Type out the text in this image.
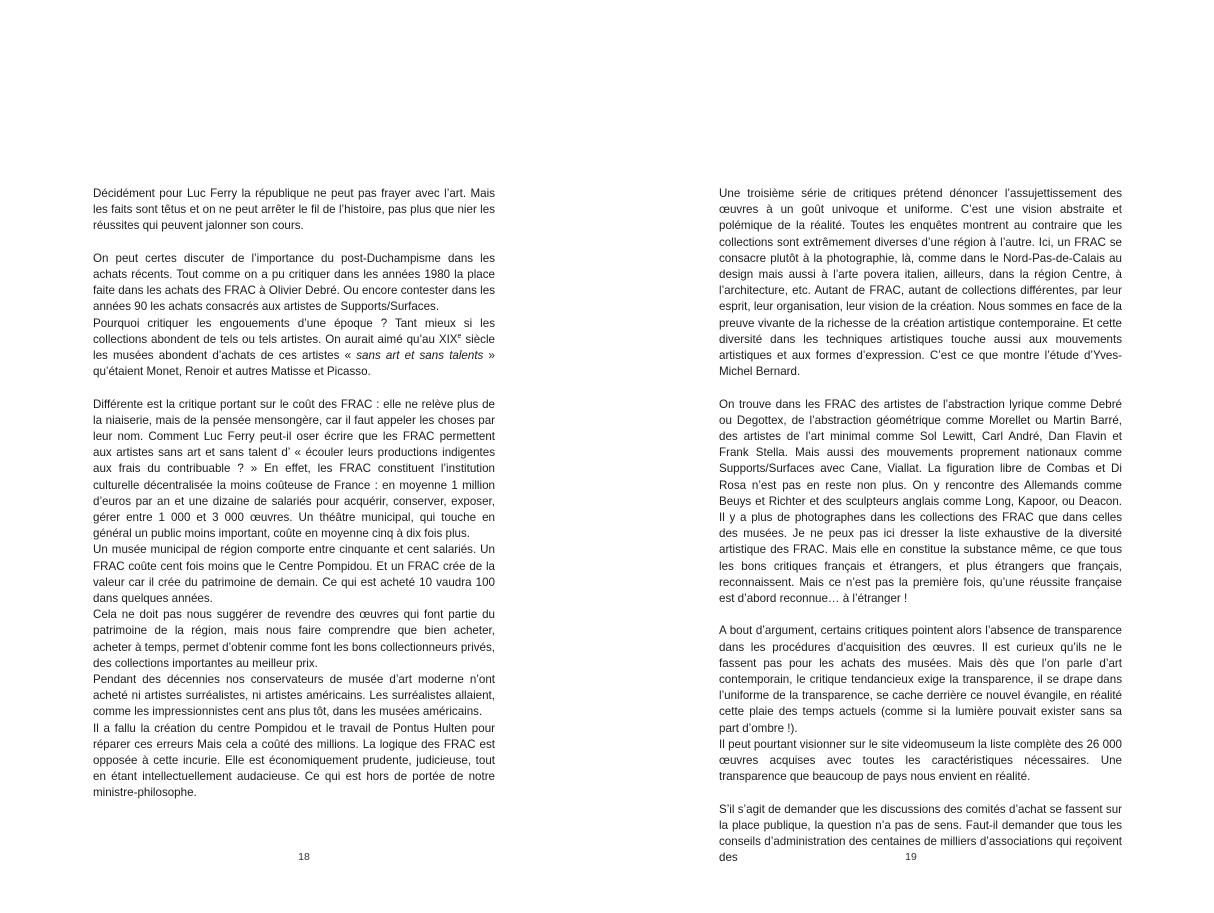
Décidément pour Luc Ferry la république ne peut pas frayer avec l’art. Mais les faits sont têtus et on ne peut arrêter le fil de l’histoire, pas plus que nier les réussites qui peuvent jalonner son cours.

On peut certes discuter de l’importance du post-Duchampisme dans les achats récents. Tout comme on a pu critiquer dans les années 1980 la place faite dans les achats des FRAC à Olivier Debré. Ou encore contester dans les années 90 les achats consacrés aux artistes de Supports/Surfaces.

Pourquoi critiquer les engouements d’une époque ? Tant mieux si les collections abondent de tels ou tels artistes. On aurait aimé qu’au XIXe siècle les musées abondent d’achats de ces artistes « sans art et sans talents » qu’étaient Monet, Renoir et autres Matisse et Picasso.

Différente est la critique portant sur le coût des FRAC : elle ne relève plus de la niaiserie, mais de la pensée mensongère, car il faut appeler les choses par leur nom. Comment Luc Ferry peut-il oser écrire que les FRAC permettent aux artistes sans art et sans talent d’ « écouler leurs productions indigentes aux frais du contribuable ? » En effet, les FRAC constituent l’institution culturelle décentralisée la moins coûteuse de France : en moyenne 1 million d’euros par an et une dizaine de salariés pour acquérir, conserver, exposer, gérer entre 1 000 et 3 000 œuvres. Un théâtre municipal, qui touche en général un public moins important, coûte en moyenne cinq à dix fois plus.

Un musée municipal de région comporte entre cinquante et cent salariés. Un FRAC coûte cent fois moins que le Centre Pompidou. Et un FRAC crée de la valeur car il crée du patrimoine de demain. Ce qui est acheté 10 vaudra 100 dans quelques années.

Cela ne doit pas nous suggérer de revendre des œuvres qui font partie du patrimoine de la région, mais nous faire comprendre que bien acheter, acheter à temps, permet d’obtenir comme font les bons collectionneurs privés, des collections importantes au meilleur prix.

Pendant des décennies nos conservateurs de musée d’art moderne n’ont acheté ni artistes surréalistes, ni artistes américains. Les surréalistes allaient, comme les impressionnistes cent ans plus tôt, dans les musées américains.

Il a fallu la création du centre Pompidou et le travail de Pontus Hulten pour réparer ces erreurs Mais cela a coûté des millions. La logique des FRAC est opposée à cette incurie. Elle est économiquement prudente, judicieuse, tout en étant intellectuellement audacieuse. Ce qui est hors de portée de notre ministre-philosophe.

18

Une troisième série de critiques prétend dénoncer l’assujettissement des œuvres à un goût univoque et uniforme. C’est une vision abstraite et polémique de la réalité. Toutes les enquêtes montrent au contraire que les collections sont extrêmement diverses d’une région à l’autre. Ici, un FRAC se consacre plutôt à la photographie, là, comme dans le Nord-Pas-de-Calais au design mais aussi à l’arte povera italien, ailleurs, dans la région Centre, à l’architecture, etc. Autant de FRAC, autant de collections différentes, par leur esprit, leur organisation, leur vision de la création. Nous sommes en face de la preuve vivante de la richesse de la création artistique contemporaine. Et cette diversité dans les techniques artistiques touche aussi aux mouvements artistiques et aux formes d’expression. C’est ce que montre l’étude d’Yves-Michel Bernard.

On trouve dans les FRAC des artistes de l’abstraction lyrique comme Debré ou Degottex, de l’abstraction géométrique comme Morellet ou Martin Barré, des artistes de l’art minimal comme Sol Lewitt, Carl André, Dan Flavin et Frank Stella. Mais aussi des mouvements proprement nationaux comme Supports/Surfaces avec Cane, Viallat. La figuration libre de Combas et Di Rosa n’est pas en reste non plus. On y rencontre des Allemands comme Beuys et Richter et des sculpteurs anglais comme Long, Kapoor, ou Deacon. Il y a plus de photographes dans les collections des FRAC que dans celles des musées. Je ne peux pas ici dresser la liste exhaustive de la diversité artistique des FRAC. Mais elle en constitue la substance même, ce que tous les bons critiques français et étrangers, et plus étrangers que français, reconnaissent. Mais ce n’est pas la première fois, qu’une réussite française est d’abord reconnue… à l’étranger !

A bout d’argument, certains critiques pointent alors l’absence de transparence dans les procédures d’acquisition des œuvres. Il est curieux qu’ils ne le fassent pas pour les achats des musées. Mais dès que l’on parle d’art contemporain, le critique tendancieux exige la transparence, il se drape dans l’uniforme de la transparence, se cache derrière ce nouvel évangile, en réalité cette plaie des temps actuels (comme si la lumière pouvait exister sans sa part d’ombre !).

Il peut pourtant visionner sur le site videomuseum la liste complète des 26 000 œuvres acquises avec toutes les caractéristiques nécessaires. Une transparence que beaucoup de pays nous envient en réalité.

S’il s’agit de demander que les discussions des comités d’achat se fassent sur la place publique, la question n’a pas de sens. Faut-il demander que tous les conseils d’administration des centaines de milliers d’associations qui reçoivent des	19
